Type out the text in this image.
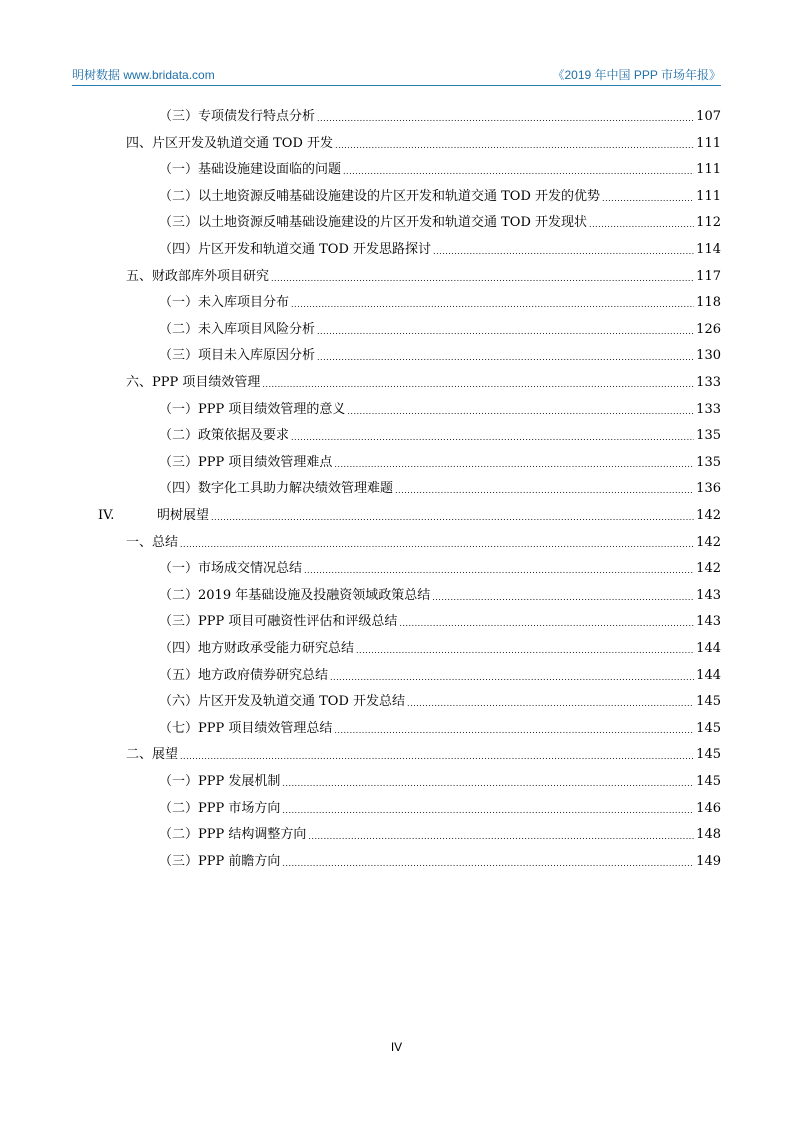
明树数据 www.bridata.com	《2019 年中国 PPP 市场年报》
（三）专项债发行特点分析 .....	107
四、片区开发及轨道交通 TOD 开发 .....	111
（一）基础设施建设面临的问题 .....	111
（二）以土地资源反哺基础设施建设的片区开发和轨道交通 TOD 开发的优势 .....	111
（三）以土地资源反哺基础设施建设的片区开发和轨道交通 TOD 开发现状 .....	112
（四）片区开发和轨道交通 TOD 开发思路探讨 .....	114
五、财政部库外项目研究 .....	117
（一）未入库项目分布 .....	118
（二）未入库项目风险分析 .....	126
（三）项目未入库原因分析 .....	130
六、PPP 项目绩效管理 .....	133
（一）PPP 项目绩效管理的意义 .....	133
（二）政策依据及要求 .....	135
（三）PPP 项目绩效管理难点 .....	135
（四）数字化工具助力解决绩效管理难题 .....	136
IV.	明树展望 .....	142
一、总结 .....	142
（一）市场成交情况总结 .....	142
（二）2019 年基础设施及投融资领域政策总结 .....	143
（三）PPP 项目可融资性评估和评级总结 .....	143
（四）地方财政承受能力研究总结 .....	144
（五）地方政府债券研究总结 .....	144
（六）片区开发及轨道交通 TOD 开发总结 .....	145
（七）PPP 项目绩效管理总结 .....	145
二、展望 .....	145
（一）PPP 发展机制 .....	145
（二）PPP 市场方向 .....	146
（二）PPP 结构调整方向 .....	148
（三）PPP 前瞻方向 .....	149
IV
